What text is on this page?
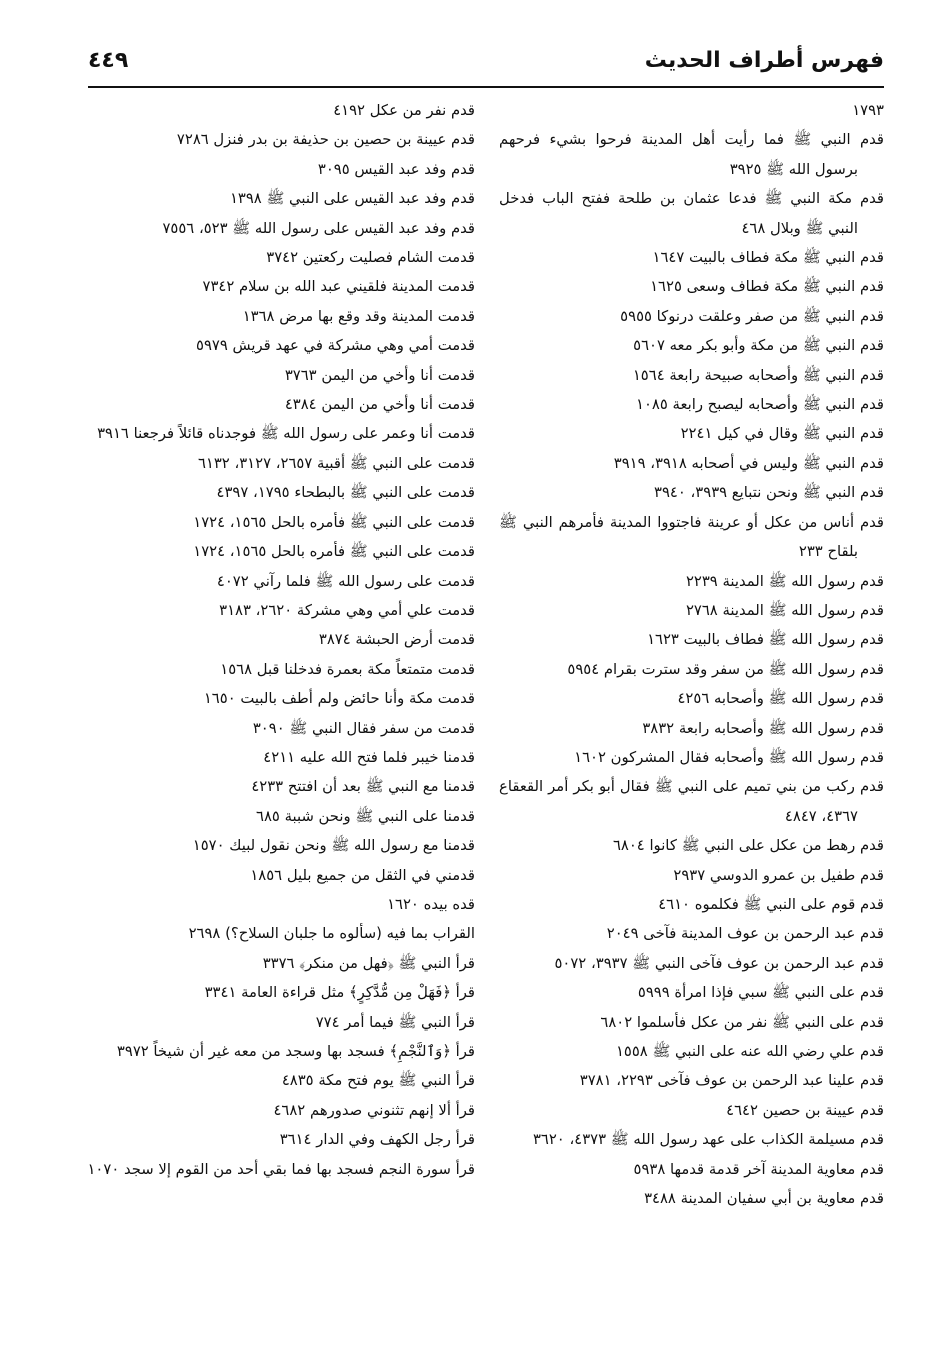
فهرس أطراف الحديث
٤٤٩
١٧٩٣
قدم النبي ﷺ فما رأيت أهل المدينة فرحوا بشيء فرحهم برسول الله ﷺ ٣٩٢٥
قدم مكة النبي ﷺ فدعا عثمان بن طلحة ففتح الباب فدخل النبي ﷺ وبلال ٤٦٨
قدم النبي ﷺ مكة فطاف بالبيت ١٦٤٧
قدم النبي ﷺ مكة فطاف وسعى ١٦٢٥
قدم النبي ﷺ من صفر وعلقت درنوكا ٥٩٥٥
قدم النبي ﷺ من مكة وأبو بكر معه ٥٦٠٧
قدم النبي ﷺ وأصحابه صبيحة رابعة ١٥٦٤
قدم النبي ﷺ وأصحابه ليصبح رابعة ١٠٨٥
قدم النبي ﷺ وقال في كيل ٢٢٤١
قدم النبي ﷺ وليس في أصحابه ٣٩١٨، ٣٩١٩
قدم النبي ﷺ ونحن نتبايع ٣٩٣٩، ٣٩٤٠
قدم أناس من عكل أو عرينة فاجتووا المدينة فأمرهم النبي ﷺ بلقاح ٢٣٣
قدم رسول الله ﷺ المدينة ٢٢٣٩
قدم رسول الله ﷺ المدينة ٢٧٦٨
قدم رسول الله ﷺ فطاف بالبيت ١٦٢٣
قدم رسول الله ﷺ من سفر وقد سترت بقرام ٥٩٥٤
قدم رسول الله ﷺ وأصحابه ٤٢٥٦
قدم رسول الله ﷺ وأصحابه رابعة ٣٨٣٢
قدم رسول الله ﷺ وأصحابه فقال المشركون ١٦٠٢
قدم ركب من بني تميم على النبي ﷺ فقال أبو بكر أمر القعقاع ٤٣٦٧، ٤٨٤٧
قدم رهط من عكل على النبي ﷺ كانوا ٦٨٠٤
قدم طفيل بن عمرو الدوسي ٢٩٣٧
قدم قوم على النبي ﷺ فكلموه ٤٦١٠
قدم عبد الرحمن بن عوف المدينة فآخى ٢٠٤٩
قدم عبد الرحمن بن عوف فآخى النبي ﷺ ٣٩٣٧، ٥٠٧٢
قدم على النبي ﷺ سبي فإذا امرأة ٥٩٩٩
قدم على النبي ﷺ نفر من عكل فأسلموا ٦٨٠٢
قدم علي رضي الله عنه على النبي ﷺ ١٥٥٨
قدم علينا عبد الرحمن بن عوف فآخى ٢٢٩٣، ٣٧٨١
قدم عيينة بن حصين ٤٦٤٢
قدم مسيلمة الكذاب على عهد رسول الله ﷺ ٤٣٧٣، ٣٦٢٠
قدم معاوية المدينة آخر قدمة قدمها ٥٩٣٨
قدم معاوية بن أبي سفيان المدينة ٣٤٨٨
قدم نفر من عكل ٤١٩٢
قدم عيينة بن حصين بن حذيفة بن بدر فنزل ٧٢٨٦
قدم وفد عبد القيس ٣٠٩٥
قدم وفد عبد القيس على النبي ﷺ ١٣٩٨
قدم وفد عبد القيس على رسول الله ﷺ ٥٢٣، ٧٥٥٦
قدمت الشام فصليت ركعتين ٣٧٤٢
قدمت المدينة فلقيني عبد الله بن سلام ٧٣٤٢
قدمت المدينة وقد وقع بها مرض ١٣٦٨
قدمت أمي وهي مشركة في عهد قريش ٥٩٧٩
قدمت أنا وأخي من اليمن ٣٧٦٣
قدمت أنا وأخي من اليمن ٤٣٨٤
قدمت أنا وعمر على رسول الله ﷺ فوجدناه قائلاً فرجعنا ٣٩١٦
قدمت على النبي ﷺ أقبية ٢٦٥٧، ٣١٢٧، ٦١٣٢
قدمت على النبي ﷺ بالبطحاء ١٧٩٥، ٤٣٩٧
قدمت على النبي ﷺ فأمره بالحل ١٥٦٥، ١٧٢٤
قدمت على النبي ﷺ فأمره بالحل ١٥٦٥، ١٧٢٤
قدمت على رسول الله ﷺ فلما رآني ٤٠٧٢
قدمت علي أمي وهي مشركة ٢٦٢٠، ٣١٨٣
قدمت أرض الحبشة ٣٨٧٤
قدمت متمتعاً مكة بعمرة فدخلنا قبل ١٥٦٨
قدمت مكة وأنا حائض ولم أطف بالبيت ١٦٥٠
قدمت من سفر فقال النبي ﷺ ٣٠٩٠
قدمنا خيبر فلما فتح الله عليه ٤٢١١
قدمنا مع النبي ﷺ بعد أن افتتح ٤٢٣٣
قدمنا على النبي ﷺ ونحن شببة ٦٨٥
قدمنا مع رسول الله ﷺ ونحن نقول لبيك ١٥٧٠
قدمني في الثقل من جميع بليل ١٨٥٦
قده بيده ١٦٢٠
القراب بما فيه (سألوه ما جلبان السلاح؟) ٢٦٩٨
قرأ النبي ﷺ ﴿فهل من منكر﴾ ٣٣٧٦
قرأ ﴿فَهَلْ مِن مُّدَّكِرٍ﴾ مثل قراءة العامة ٣٣٤١
قرأ النبي ﷺ فيما أمر ٧٧٤
قرأ ﴿وَٱلنَّجْمِ﴾ فسجد بها وسجد من معه غير أن شيخاً ٣٩٧٢
قرأ النبي ﷺ يوم فتح مكة ٤٨٣٥
قرأ ألا إنهم تثنوني صدورهم ٤٦٨٢
قرأ رجل الكهف وفي الدار ٣٦١٤
قرأ سورة النجم فسجد بها فما بقي أحد من القوم إلا سجد ١٠٧٠
